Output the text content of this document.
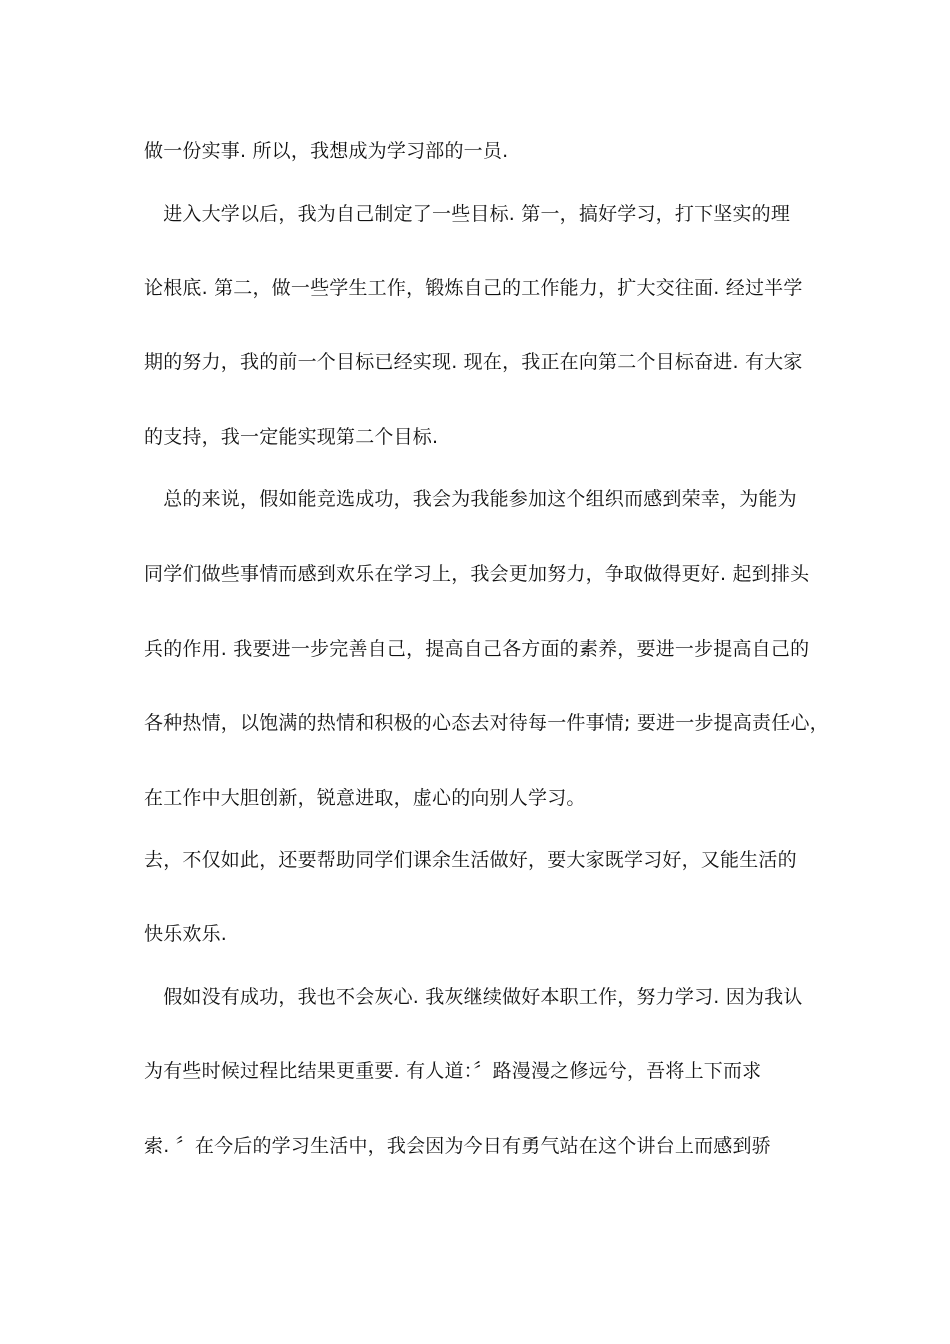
做一份实事. 所以，我想成为学习部的一员.
　进入大学以后，我为自己制定了一些目标. 第一，搞好学习，打下坚实的理
论根底. 第二，做一些学生工作，锻炼自己的工作能力，扩大交往面. 经过半学
期的努力，我的前一个目标已经实现. 现在，我正在向第二个目标奋进. 有大家
的支持，我一定能实现第二个目标.
　总的来说，假如能竞选成功，我会为我能参加这个组织而感到荣幸，为能为
同学们做些事情而感到欢乐在学习上，我会更加努力，争取做得更好. 起到排头
兵的作用. 我要进一步完善自己，提高自己各方面的素养，要进一步提高自己的
各种热情，以饱满的热情和积极的心态去对待每一件事情; 要进一步提高责任心，
在工作中大胆创新，锐意进取，虚心的向别人学习。
去，不仅如此，还要帮助同学们课余生活做好，要大家既学习好，又能生活的
快乐欢乐.
　假如没有成功，我也不会灰心. 我灰继续做好本职工作，努力学习. 因为我认
为有些时候过程比结果更重要. 有人道：〞路漫漫之修远兮，吾将上下而求
索. 〞在今后的学习生活中，我会因为今日有勇气站在这个讲台上而感到骄
